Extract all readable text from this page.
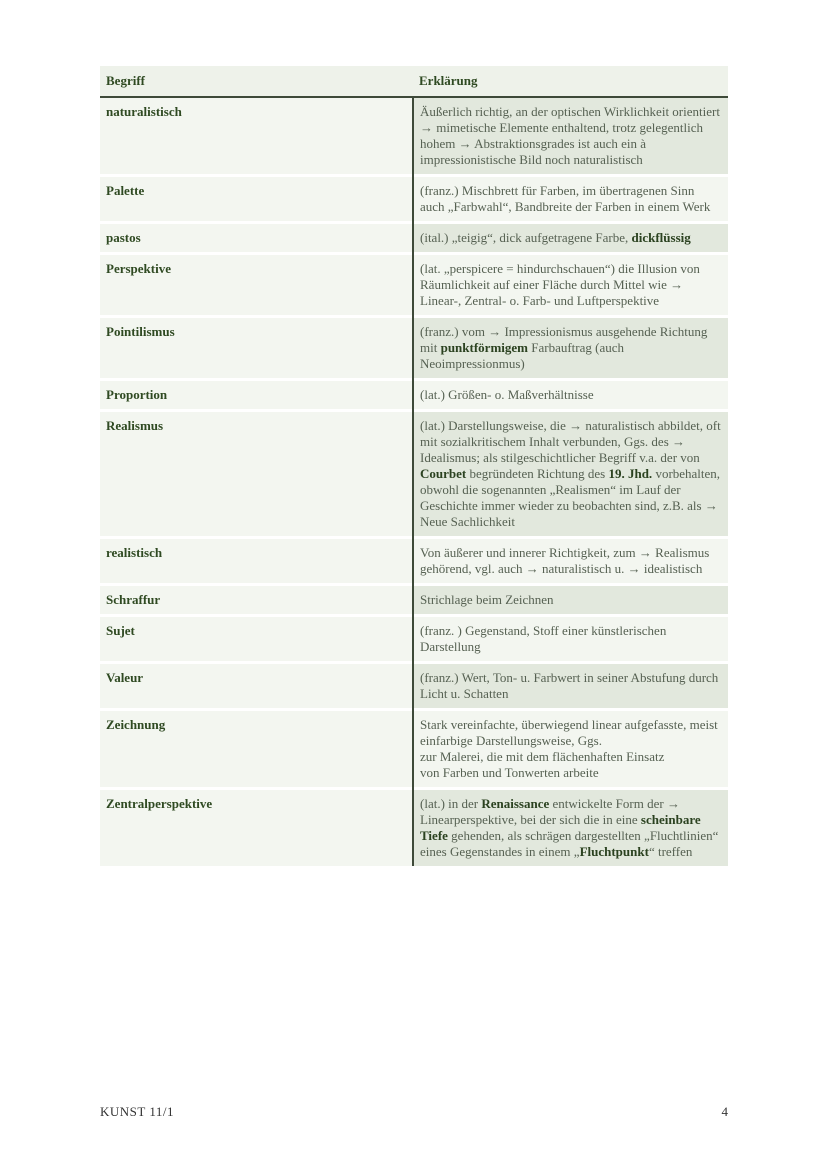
Begriff	Erklärung
naturalistisch	Äußerlich richtig, an der optischen Wirklichkeit orientiert → mimetische Elemente enthaltend, trotz gelegentlich hohem → Abstraktionsgrades ist auch ein à impressionistische Bild noch naturalistisch

Palette	(franz.) Mischbrett für Farben, im übertragenen Sinn auch „Farbwahl“, Bandbreite der Farben in einem Werk

pastos	(ital.) „teigig“, dick aufgetragene Farbe, dickflüssig

Perspektive	(lat. „perspicere = hindurchschauen“) die Illusion von Räumlichkeit auf einer Fläche durch Mittel wie → Linear-, Zentral- o. Farb- und Luftperspektive

Pointilismus	(franz.) vom → Impressionismus ausgehende Richtung mit punktförmigem Farbauftrag (auch Neoimpressionmus)

Proportion	(lat.) Größen- o. Maßverhältnisse

Realismus	(lat.) Darstellungsweise, die → naturalistisch abbildet, oft mit sozialkritischem Inhalt verbunden, Ggs. des → Idealismus; als stilgeschichtlicher Begriff v.a. der von Courbet begründeten Richtung des 19. Jhd. vorbehalten, obwohl die sogenannten „Realismen“ im Lauf der Geschichte immer wieder zu beobachten sind, z.B. als → Neue Sachlichkeit

realistisch	Von äußerer und innerer Richtigkeit, zum → Realismus gehörend, vgl. auch → naturalistisch u. → idealistisch

Schraffur	Strichlage beim Zeichnen

Sujet	(franz. ) Gegenstand, Stoff einer künstlerischen Darstellung

Valeur	(franz.) Wert, Ton- u. Farbwert in seiner Abstufung durch Licht u. Schatten

Zeichnung	Stark vereinfachte, überwiegend linear aufgefasste, meist einfarbige Darstellungsweise, Ggs.
zur Malerei, die mit dem flächenhaften Einsatz
von Farben und Tonwerten arbeite

Zentralperspektive	(lat.) in der Renaissance entwickelte Form der → Linearperspektive, bei der sich die in eine scheinbare Tiefe gehenden, als schrägen dargestellten „Fluchtlinien“ eines Gegenstandes in einem „Fluchtpunkt“ treffen
KUNST 11/1	4
